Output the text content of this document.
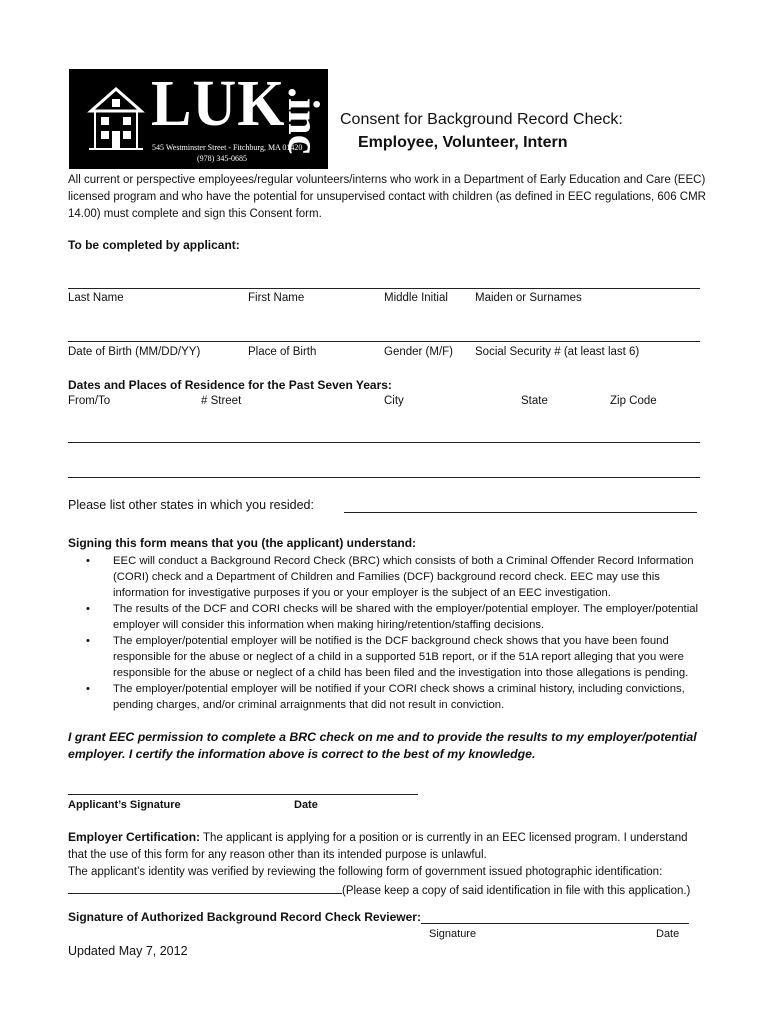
LUK
.inc
545 Westminster Street - Fitchburg, MA 01420
(978) 345-0685
Consent for Background Record Check:
Employee, Volunteer, Intern
All current or perspective employees/regular volunteers/interns who work in a Department of Early Education and Care (EEC) licensed program and who have the potential for unsupervised contact with children (as defined in EEC regulations, 606 CMR 14.00) must complete and sign this Consent form.
To be completed by applicant:
Last Name	First Name	Middle Initial Maiden or Surnames
Date of Birth (MM/DD/YY)	Place of Birth	Gender (M/F) Social Security # (at least last 6)
Dates and Places of Residence for the Past Seven Years:
From/To	# Street	City	State	Zip Code
Please list other states in which you resided:
Signing this form means that you (the applicant) understand:
• EEC will conduct a Background Record Check (BRC) which consists of both a Criminal Offender Record Information (CORI) check and a Department of Children and Families (DCF) background record check. EEC may use this information for investigative purposes if you or your employer is the subject of an EEC investigation.
• The results of the DCF and CORI checks will be shared with the employer/potential employer. The employer/potential employer will consider this information when making hiring/retention/staffing decisions.
• The employer/potential employer will be notified is the DCF background check shows that you have been found responsible for the abuse or neglect of a child in a supported 51B report, or if the 51A report alleging that you were responsible for the abuse or neglect of a child has been filed and the investigation into those allegations is pending.
• The employer/potential employer will be notified if your CORI check shows a criminal history, including convictions, pending charges, and/or criminal arraignments that did not result in conviction.
I grant EEC permission to complete a BRC check on me and to provide the results to my employer/potential employer. I certify the information above is correct to the best of my knowledge.
Applicant’s Signature	Date
Employer Certification: The applicant is applying for a position or is currently in an EEC licensed program. I understand that the use of this form for any reason other than its intended purpose is unlawful.
The applicant’s identity was verified by reviewing the following form of government issued photographic identification:
(Please keep a copy of said identification in file with this application.)
Signature of Authorized Background Record Check Reviewer:
Signature	Date
Updated May 7, 2012
